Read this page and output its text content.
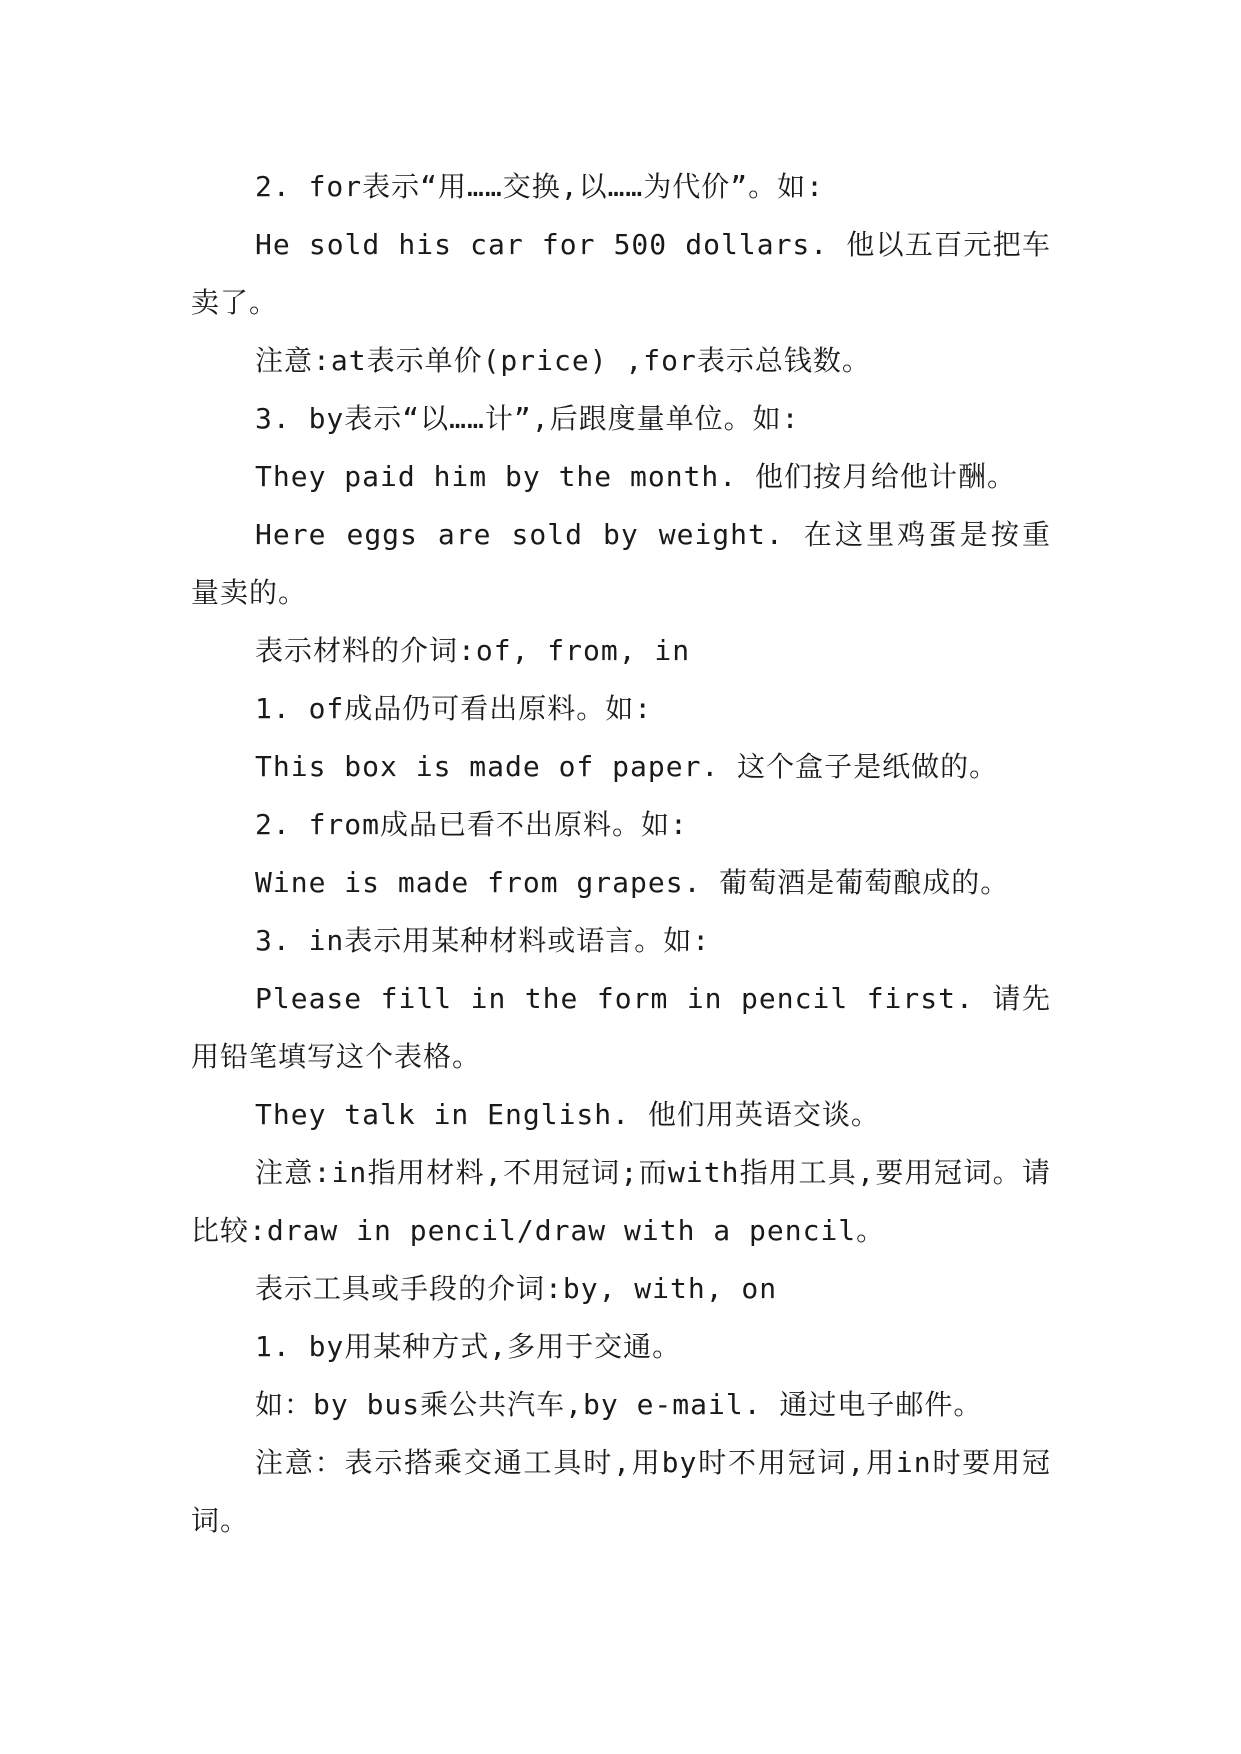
2. for表示“用……交换,以……为代价”。如:

He sold his car for 500 dollars. 他以五百元把车卖了。

注意:at表示单价(price) ,for表示总钱数。

3. by表示“以……计”,后跟度量单位。如:

They paid him by the month. 他们按月给他计酬。

Here eggs are sold by weight. 在这里鸡蛋是按重量卖的。

表示材料的介词:of, from, in

1. of成品仍可看出原料。如:

This box is made of paper. 这个盒子是纸做的。

2. from成品已看不出原料。如:

Wine is made from grapes. 葡萄酒是葡萄酿成的。

3. in表示用某种材料或语言。如:

Please fill in the form in pencil first. 请先用铅笔填写这个表格。

They talk in English. 他们用英语交谈。

注意:in指用材料,不用冠词;而with指用工具,要用冠词。请比较:draw in pencil/draw with a pencil。

表示工具或手段的介词:by, with, on

1. by用某种方式,多用于交通。

如：by bus乘公共汽车,by e-mail. 通过电子邮件。

注意：表示搭乘交通工具时,用by时不用冠词,用in时要用冠词。
